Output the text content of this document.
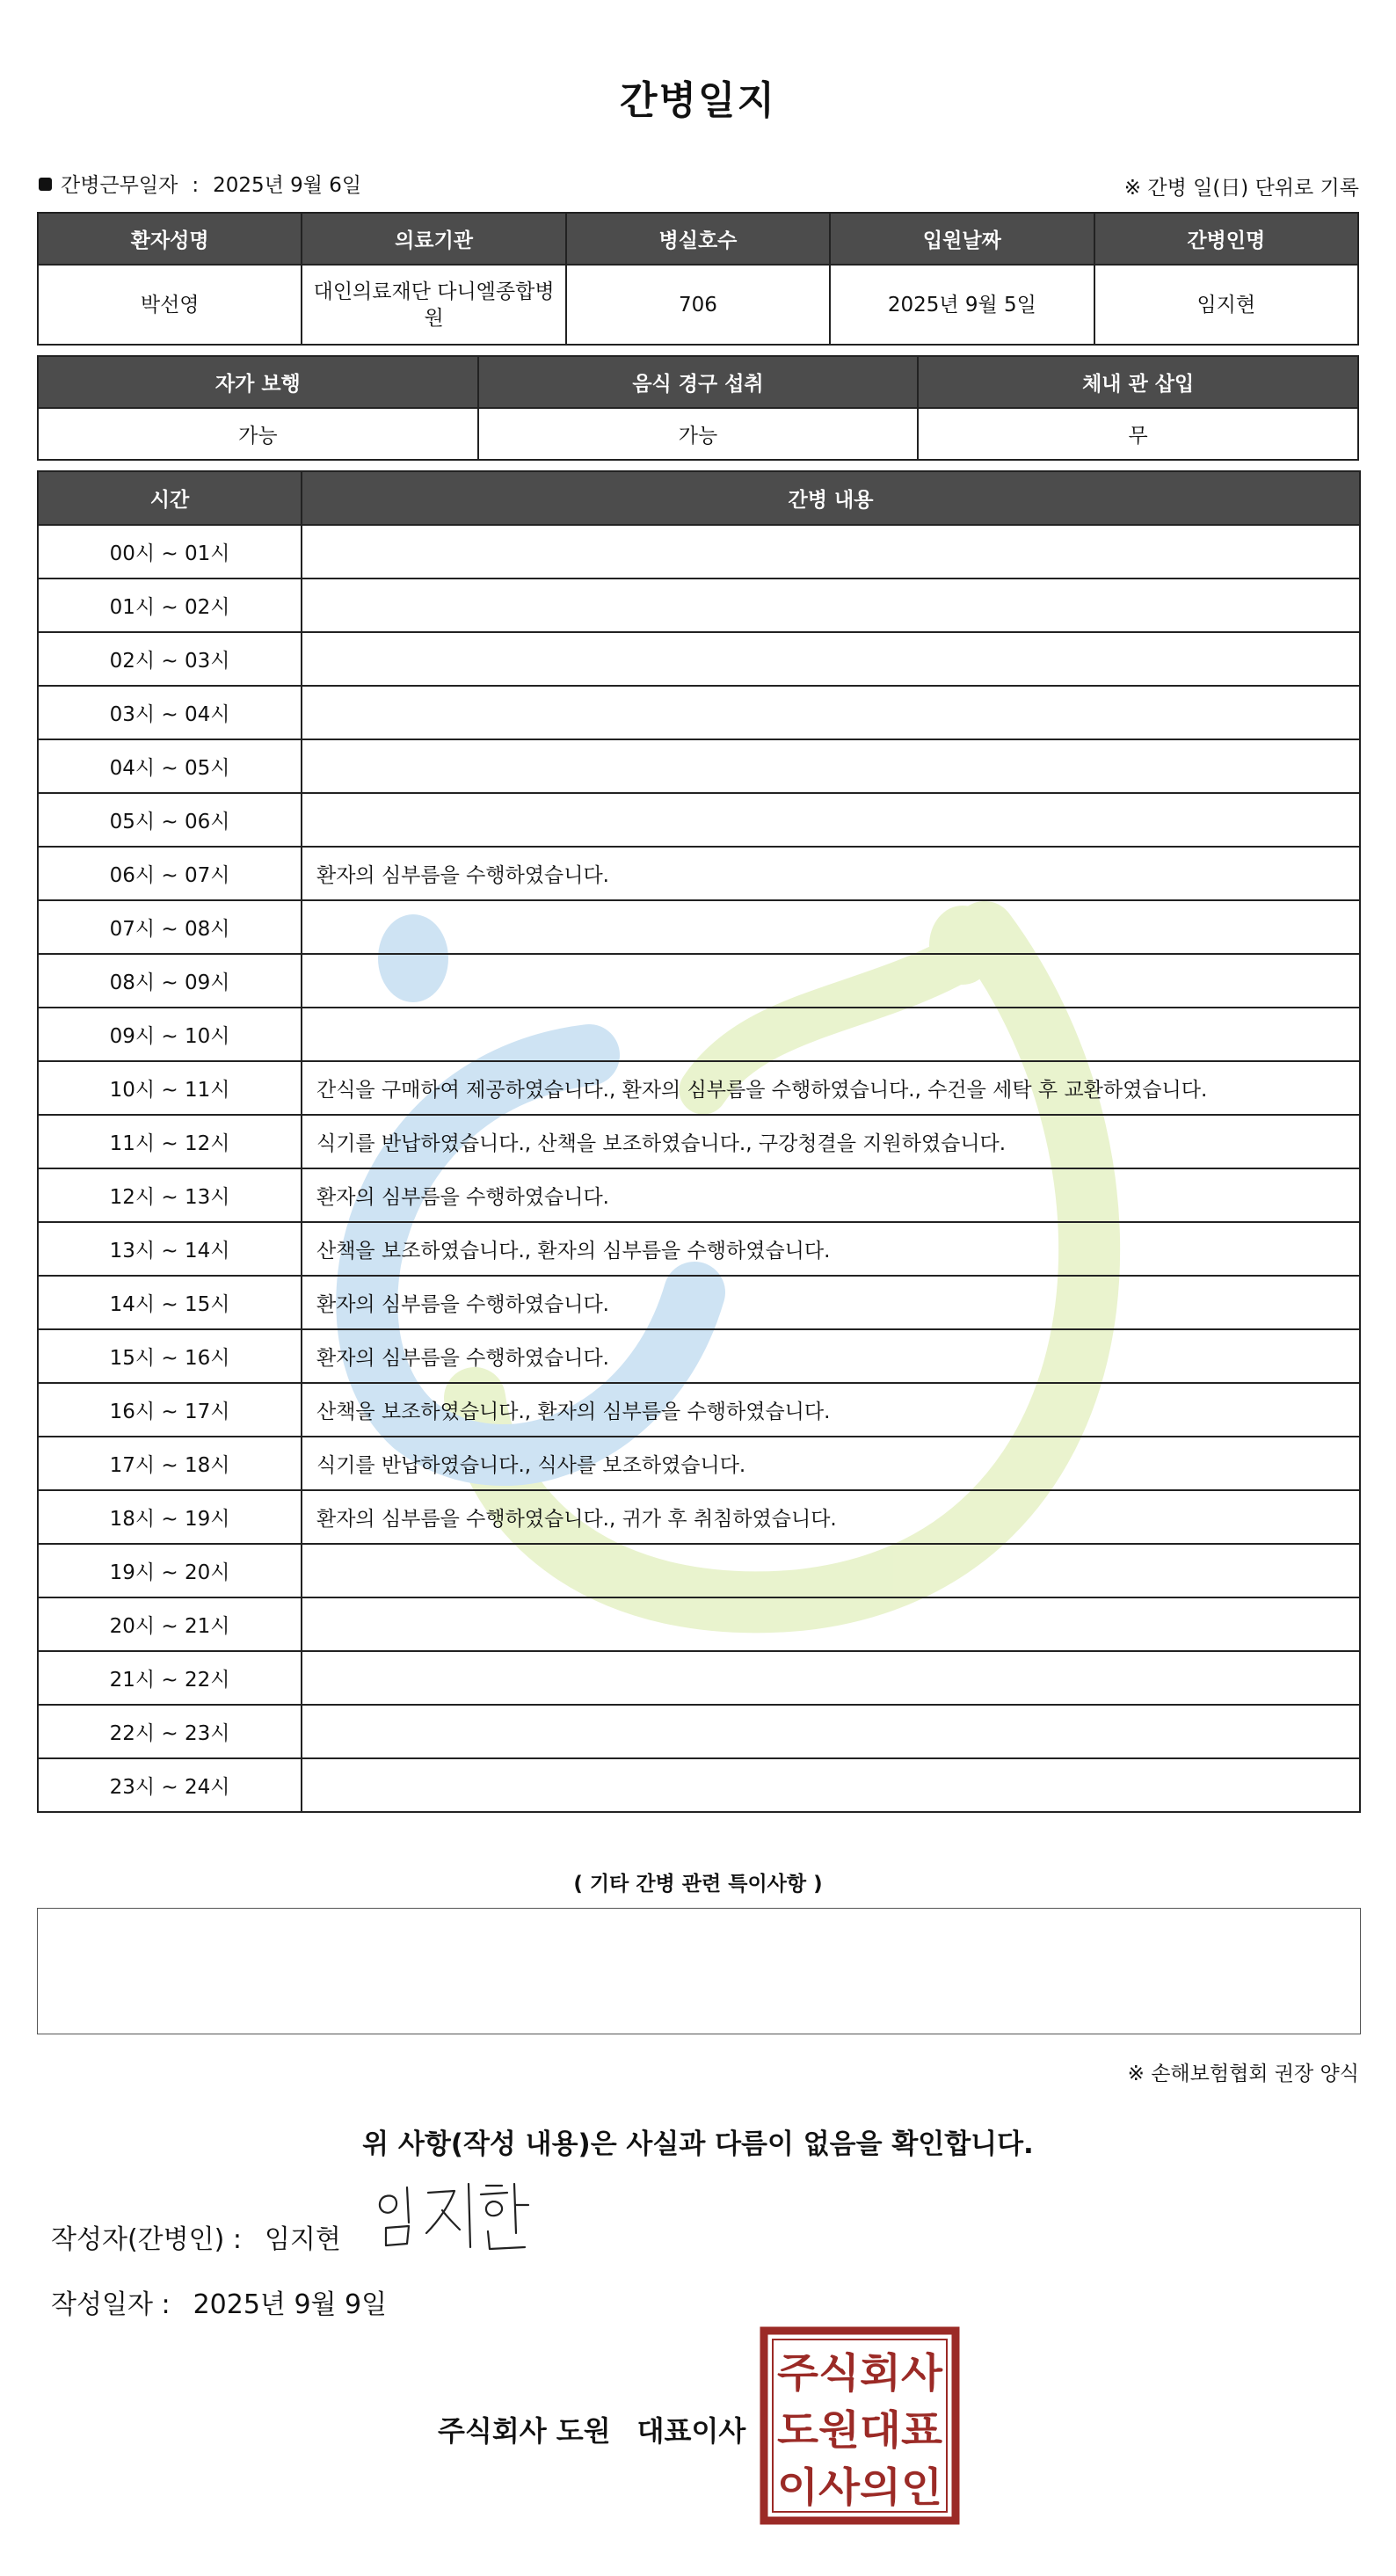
간병일지
간병근무일자 : 2025년 9월 6일	※ 간병 일(日) 단위로 기록
환자성명	의료기관	병실호수	입원날짜	간병인명
박선영	대인의료재단 다니엘종합병원	706	2025년 9월 5일	임지현
자가 보행	음식 경구 섭취	체내 관 삽입
가능	가능	무
시간	간병 내용
00시 ~ 01시	
01시 ~ 02시	
02시 ~ 03시	
03시 ~ 04시	
04시 ~ 05시	
05시 ~ 06시	
06시 ~ 07시	환자의 심부름을 수행하였습니다.
07시 ~ 08시	
08시 ~ 09시	
09시 ~ 10시	
10시 ~ 11시	간식을 구매하여 제공하였습니다., 환자의 심부름을 수행하였습니다., 수건을 세탁 후 교환하였습니다.
11시 ~ 12시	식기를 반납하였습니다., 산책을 보조하였습니다., 구강청결을 지원하였습니다.
12시 ~ 13시	환자의 심부름을 수행하였습니다.
13시 ~ 14시	산책을 보조하였습니다., 환자의 심부름을 수행하였습니다.
14시 ~ 15시	환자의 심부름을 수행하였습니다.
15시 ~ 16시	환자의 심부름을 수행하였습니다.
16시 ~ 17시	산책을 보조하였습니다., 환자의 심부름을 수행하였습니다.
17시 ~ 18시	식기를 반납하였습니다., 식사를 보조하였습니다.
18시 ~ 19시	환자의 심부름을 수행하였습니다., 귀가 후 취침하였습니다.
19시 ~ 20시	
20시 ~ 21시	
21시 ~ 22시	
22시 ~ 23시	
23시 ~ 24시	
( 기타 간병 관련 특이사항 )
※ 손해보험협회 권장 양식
위 사항(작성 내용)은 사실과 다름이 없음을 확인합니다.
작성자(간병인) : 임지현
작성일자 : 2025년 9월 9일
주식회사 도원 대표이사
주식회사
도원대표
이사의인
